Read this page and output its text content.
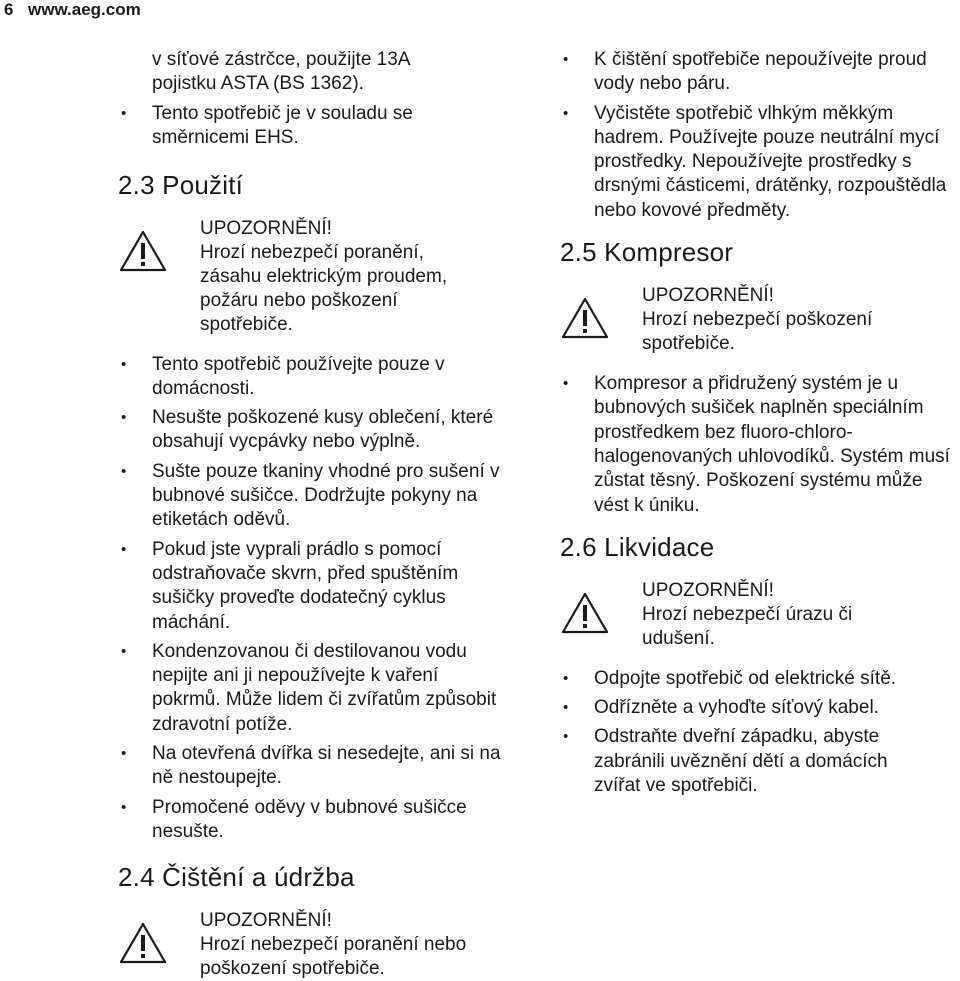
6 www.aeg.com
v síťové zástrčce, použijte 13A
pojistku ASTA (BS 1362).
• Tento spotřebič je v souladu se směrnicemi EHS.
2.3 Použití
UPOZORNĚNÍ!
Hrozí nebezpečí poranění, zásahu elektrickým proudem, požáru nebo poškození spotřebiče.
• Tento spotřebič používejte pouze v domácnosti.
• Nesušte poškozené kusy oblečení, které obsahují vycpávky nebo výplně.
• Sušte pouze tkaniny vhodné pro sušení v bubnové sušičce. Dodržujte pokyny na etiketách oděvů.
• Pokud jste vyprali prádlo s pomocí odstraňovače skvrn, před spuštěním sušičky proveďte dodatečný cyklus máchání.
• Kondenzovanou či destilovanou vodu nepijte ani ji nepoužívejte k vaření pokrmů. Může lidem či zvířatům způsobit zdravotní potíže.
• Na otevřená dvířka si nesedejte, ani si na ně nestoupejte.
• Promočené oděvy v bubnové sušičce nesušte.
2.4 Čištění a údržba
UPOZORNĚNÍ!
Hrozí nebezpečí poranění nebo poškození spotřebiče.
• K čištění spotřebiče nepoužívejte proud vody nebo páru.
• Vyčistěte spotřebič vlhkým měkkým hadrem. Používejte pouze neutrální mycí prostředky. Nepoužívejte prostředky s drsnými částicemi, drátěnky, rozpouštědla nebo kovové předměty.
2.5 Kompresor
UPOZORNĚNÍ!
Hrozí nebezpečí poškození spotřebiče.
• Kompresor a přidružený systém je u bubnových sušiček naplněn speciálním prostředkem bez fluoro-chloro- halogenovaných uhlovodíků. Systém musí zůstat těsný. Poškození systému může vést k úniku.
2.6 Likvidace
UPOZORNĚNÍ!
Hrozí nebezpečí úrazu či udušení.
• Odpojte spotřebič od elektrické sítě.
• Odřízněte a vyhoďte síťový kabel.
• Odstraňte dveřní západku, abyste zabránili uvěznění dětí a domácích zvířat ve spotřebiči.
